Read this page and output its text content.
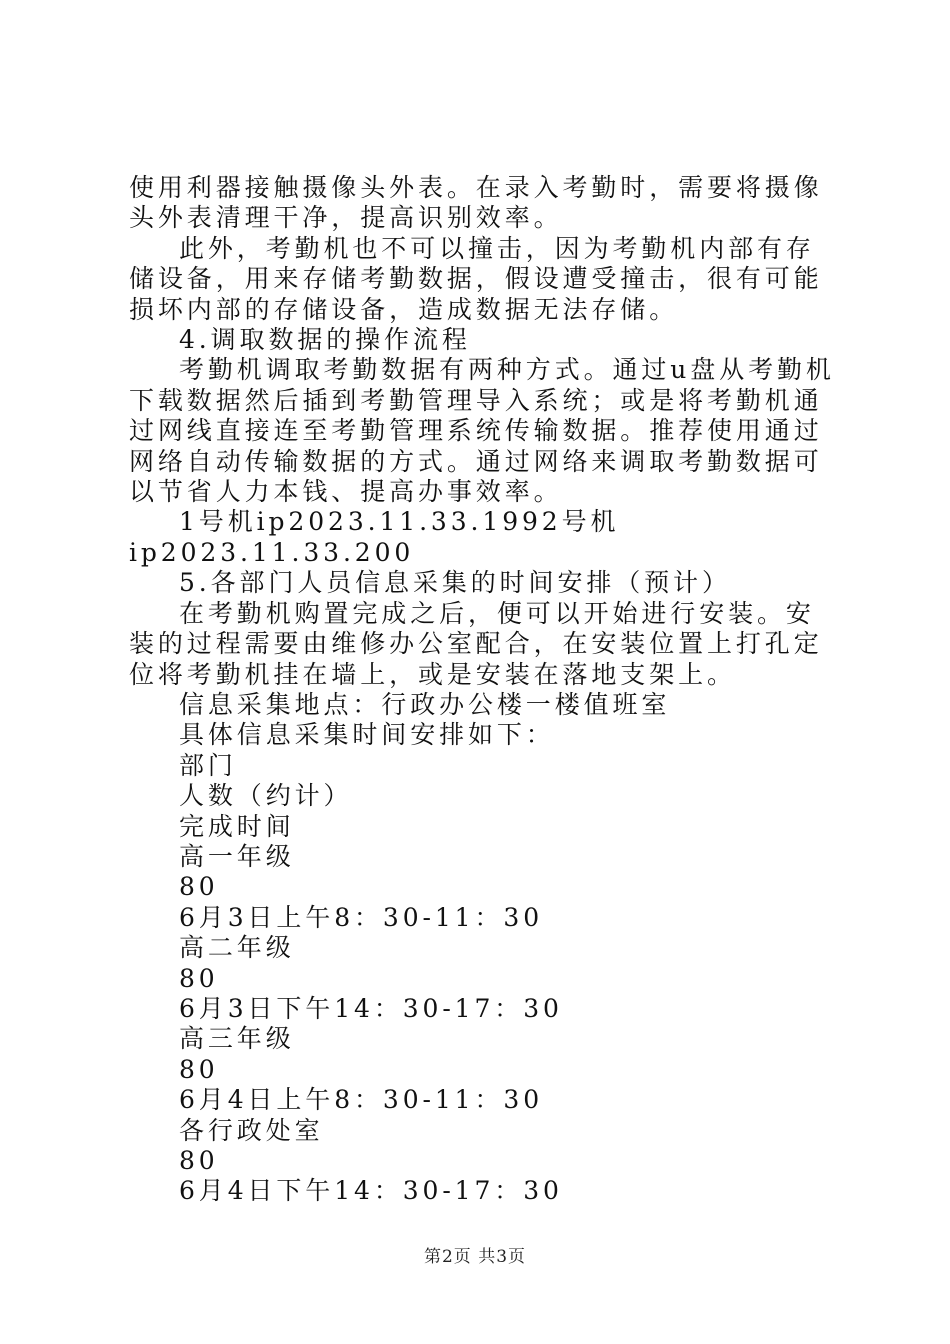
使用利器接触摄像头外表。在录入考勤时，需要将摄像头外表清理干净，提高识别效率。

此外，考勤机也不可以撞击，因为考勤机内部有存储设备，用来存储考勤数据，假设遭受撞击，很有可能损坏内部的存储设备，造成数据无法存储。

4.调取数据的操作流程

考勤机调取考勤数据有两种方式。通过u盘从考勤机下载数据然后插到考勤管理导入系统；或是将考勤机通过网线直接连至考勤管理系统传输数据。推荐使用通过网络自动传输数据的方式。通过网络来调取考勤数据可以节省人力本钱、提高办事效率。

1号机ip2023.11.33.1992号机ip2023.11.33.200

5.各部门人员信息采集的时间安排（预计）

在考勤机购置完成之后，便可以开始进行安装。安装的过程需要由维修办公室配合，在安装位置上打孔定位将考勤机挂在墙上，或是安装在落地支架上。

信息采集地点：行政办公楼一楼值班室

具体信息采集时间安排如下：

部门

人数（约计）

完成时间

高一年级

80

6月3日上午8：30-11：30

高二年级

80

6月3日下午14：30-17：30

高三年级

80

6月4日上午8：30-11：30

各行政处室

80

6月4日下午14：30-17：30

第2页 共3页
